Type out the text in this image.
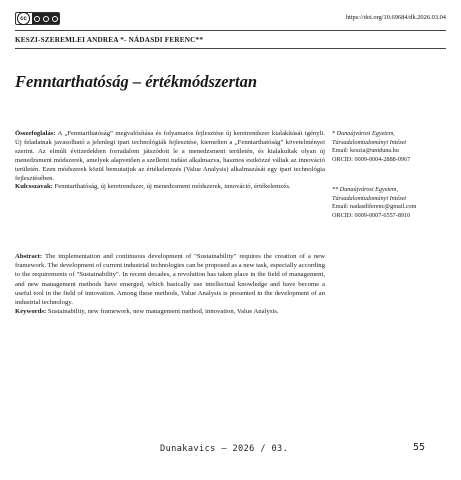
cc	https://doi.org/10.69684/dk.2026.03.04
KESZI-SZEREMLEI ANDREA *- NÁDASDI FERENC**
Fenntarthatóság – értékmódszertan

Összefoglalás: A „Fenntarthatóság” megvalósítása és folyamatos fejlesztése új keretrendszer kialakítását igényli. Új feladatnak javasolható a jelenlegi ipari technológiák fejlesztése, kiemelten a „Fenntarthatóság” követelményei szerint. Az elmúlt évtizedekben forradalom játszódott le a menedzsment területén, és kialakultak olyan új menedzsment módszerek, amelyek alapvetően a szellemi tudást alkalmazva, hasznos eszközzé váltak az innováció területén. Ezen módszerek közül bemutatjuk az értékelemzés (Value Analysis) alkalmazását egy ipari technológia fejlesztésében.

Kulcsszavak: Fenntarthatóság, új keretrendszer, új menedzsment módszerek, innováció, értékelemzés.

Abstract: The implementation and continuous development of "Sustainability" requires the creation of a new framework. The development of current industrial technologies can be proposed as a new task, especially according to the requirements of "Sustainability". In recent decades, a revolution has taken place in the field of management, and new management methods have emerged, which basically use intellectual knowledge and have become a useful tool in the field of innovation. Among these methods, Value Analysis is presented in the development of an industrial technology.

Keywords: Sustainability, new framework, new management method, innovation, Value Analysis.

* Dunaújvárosi Egyetem, Társadalomtudományi Intézet
Email: keszia@uniduna.hu
ORCID: 0009-0004-2888-0967
** Dunaújvárosi Egyetem, Társadalomtudományi Intézet
Email: nadasdiferenc@gmail.com
ORCID: 0009-0007-6557-8910
Dunakavics – 2026 / 03.	55
